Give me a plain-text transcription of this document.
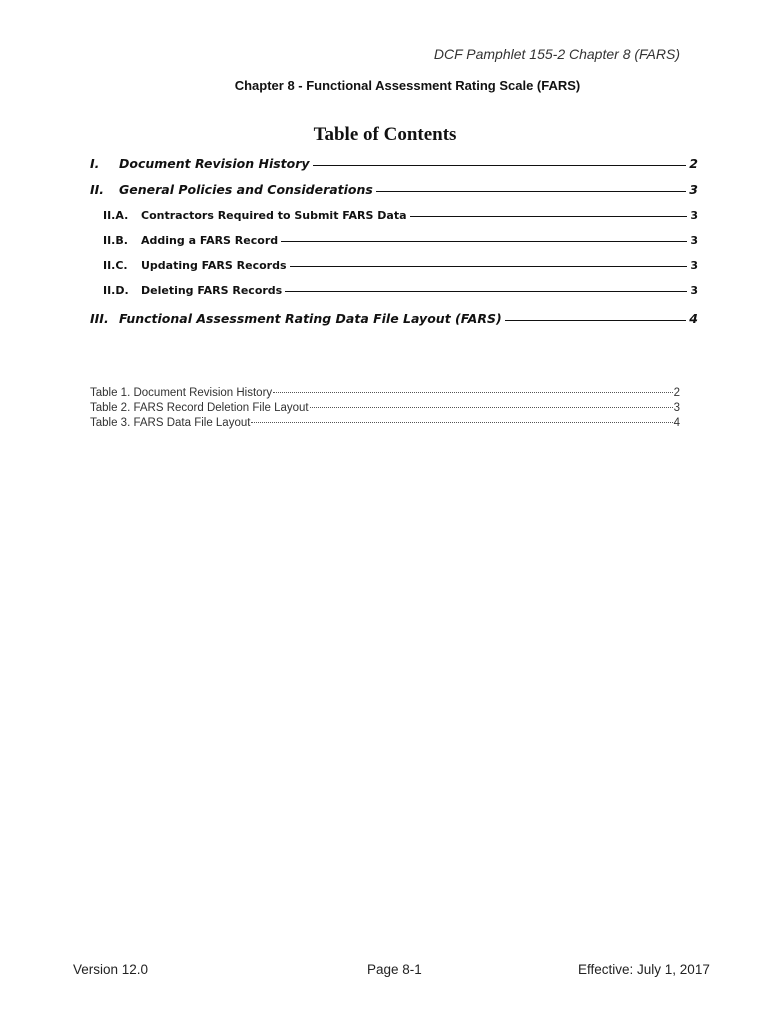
DCF Pamphlet 155-2 Chapter 8 (FARS)
Chapter 8 - Functional Assessment Rating Scale (FARS)
Table of Contents
I.	Document Revision History	2
II.	General Policies and Considerations	3
II.A.	Contractors Required to Submit FARS Data	3
II.B.	Adding a FARS Record	3
II.C.	Updating FARS Records	3
II.D.	Deleting FARS Records	3
III. Functional Assessment Rating Data File Layout (FARS)	4
Table 1. Document Revision History	2
Table 2. FARS Record Deletion File Layout	3
Table 3. FARS Data File Layout	4
Version 12.0	Page 8-1	Effective: July 1, 2017
